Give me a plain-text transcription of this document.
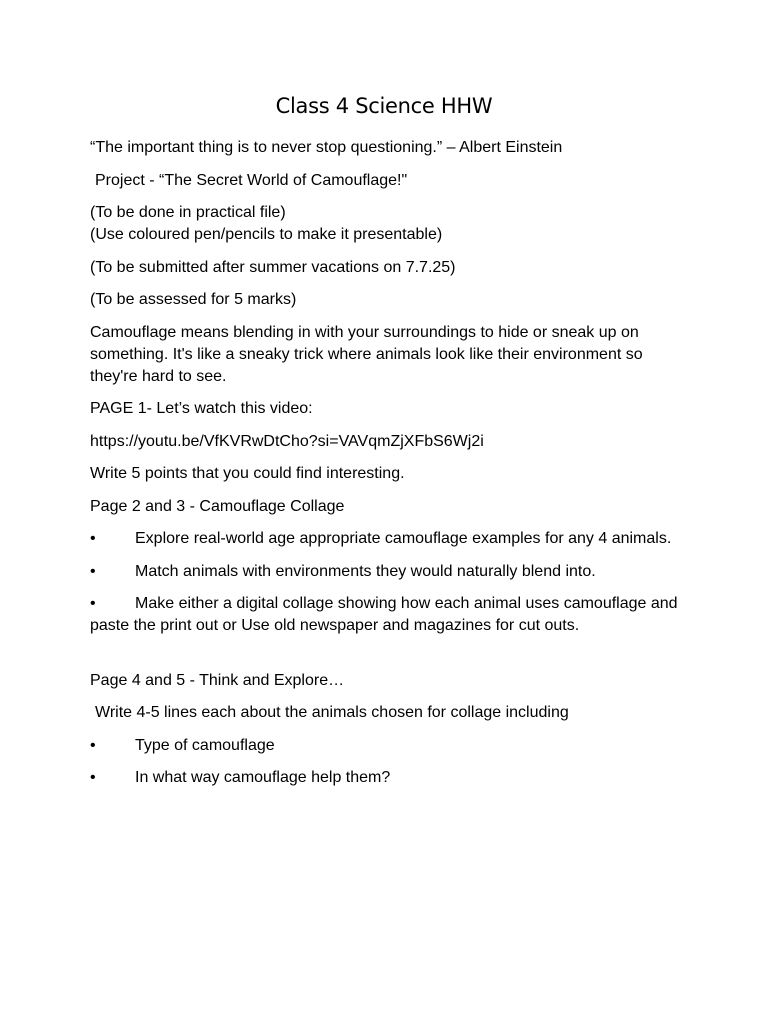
Class 4 Science HHW

“The important thing is to never stop questioning.” – Albert Einstein

Project - “The Secret World of Camouflage!"

(To be done in practical file)

(Use coloured pen/pencils to make it presentable)

(To be submitted after summer vacations on 7.7.25)

(To be assessed for 5 marks)

Camouflage means blending in with your surroundings to hide or sneak up on something. It's like a sneaky trick where animals look like their environment so they're hard to see.

PAGE 1- Let’s watch this video:

https://youtu.be/VfKVRwDtCho?si=VAVqmZjXFbS6Wj2i

Write 5 points that you could find interesting.

Page 2 and 3 - Camouflage Collage

• Explore real-world age appropriate camouflage examples for any 4 animals.

• Match animals with environments they would naturally blend into.

• Make either a digital collage showing how each animal uses camouflage and paste the print out or Use old newspaper and magazines for cut outs.

Page 4 and 5 - Think and Explore…

Write 4-5 lines each about the animals chosen for collage including

• Type of camouflage

• In what way camouflage help them?
